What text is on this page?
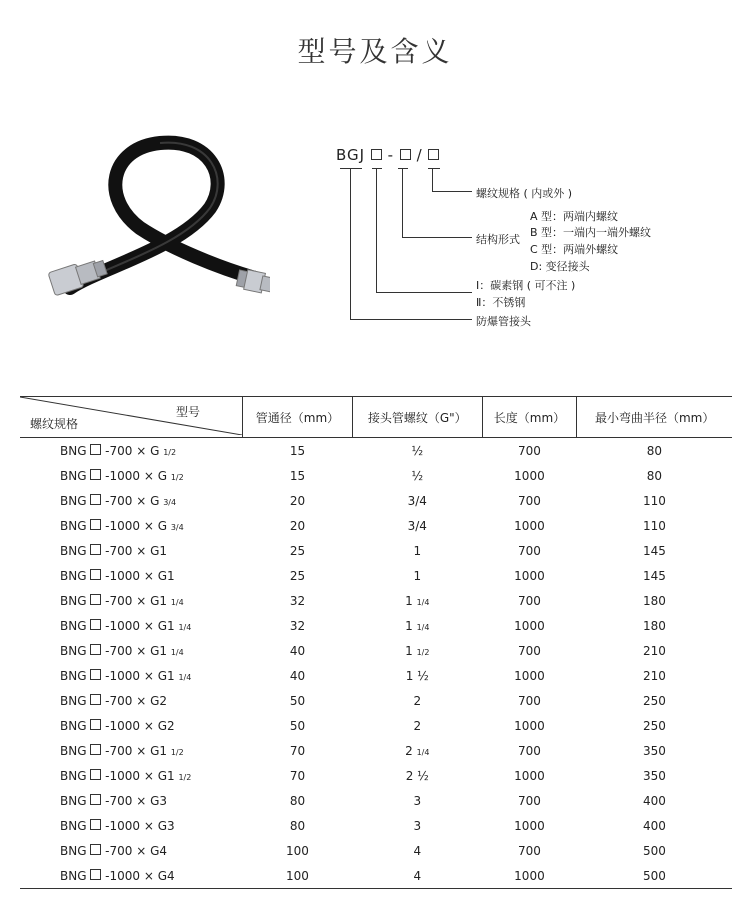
型号及含义
BGJ - /
螺纹规格 ( 内或外 )
A 型：两端内螺纹
B 型：一端内一端外螺纹
结构形式
C 型：两端外螺纹
D: 变径接头
Ⅰ：碳素钢 ( 可不注 )
Ⅱ：不锈钢
防爆管接头
型号
螺纹规格	管通径（mm）	接头管螺纹（G"）	长度（mm）	最小弯曲半径（mm）
BNG  -700 × G 1/2	15	½	700	80
BNG  -1000 × G 1/2	15	½	1000	80
BNG  -700 × G 3/4	20	3/4	700	110
BNG  -1000 × G 3/4	20	3/4	1000	110
BNG  -700 × G1	25	1	700	145
BNG  -1000 × G1	25	1	1000	145
BNG  -700 × G1 1/4	32	1 1/4	700	180
BNG  -1000 × G1 1/4	32	1 1/4	1000	180
BNG  -700 × G1 1/4	40	1 1/2	700	210
BNG  -1000 × G1 1/4	40	1 ½	1000	210
BNG  -700 × G2	50	2	700	250
BNG  -1000 × G2	50	2	1000	250
BNG  -700 × G1 1/2	70	2 1/4	700	350
BNG  -1000 × G1 1/2	70	2 ½	1000	350
BNG  -700 × G3	80	3	700	400
BNG  -1000 × G3	80	3	1000	400
BNG  -700 × G4	100	4	700	500
BNG  -1000 × G4	100	4	1000	500
